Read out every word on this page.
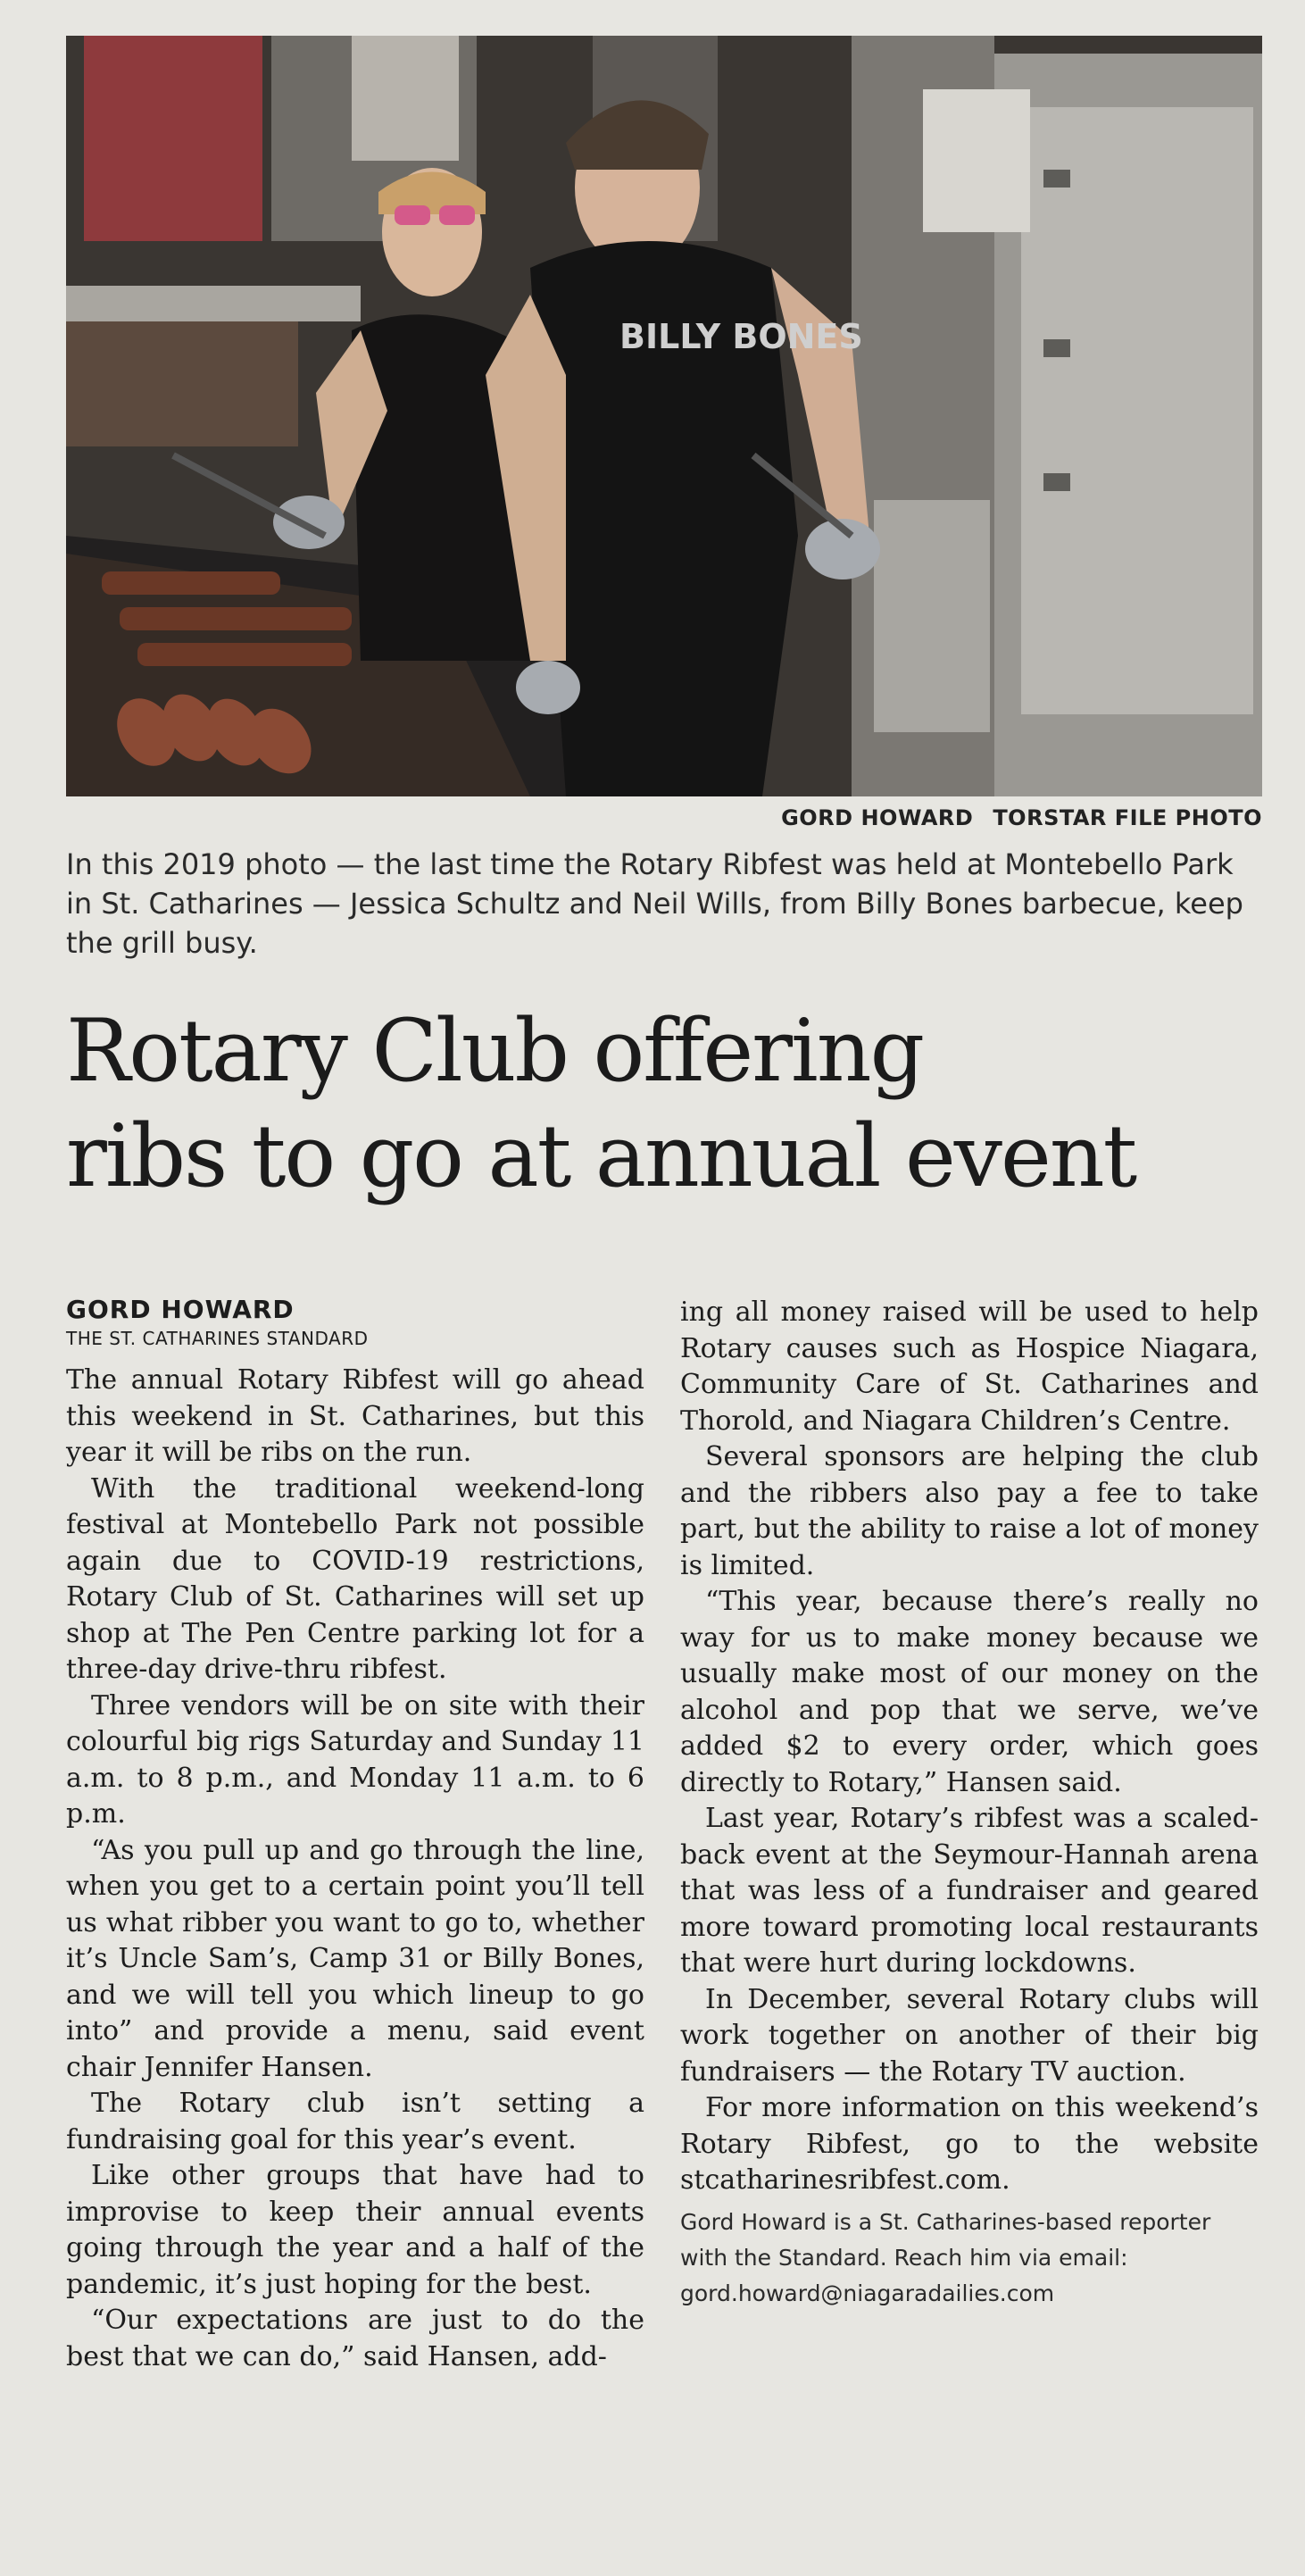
BILLY BONES
GORD HOWARD TORSTAR FILE PHOTO
In this 2019 photo — the last time the Rotary Ribfest was held at Montebello Park in St. Catharines — Jessica Schultz and Neil Wills, from Billy Bones barbecue, keep the grill busy.
Rotary Club offering
ribs to go at annual event
GORD HOWARD
THE ST. CATHARINES STANDARD

The annual Rotary Ribfest will go ahead this weekend in St. Catharines, but this year it will be ribs on the run.

With the traditional weekend-long festival at Montebello Park not possible again due to COVID-19 restrictions, Rotary Club of St. Catharines will set up shop at The Pen Centre parking lot for a three-day drive-thru ribfest.

Three vendors will be on site with their colourful big rigs Saturday and Sunday 11 a.m. to 8 p.m., and Monday 11 a.m. to 6 p.m.

“As you pull up and go through the line, when you get to a certain point you’ll tell us what ribber you want to go to, whether it’s Uncle Sam’s, Camp 31 or Billy Bones, and we will tell you which lineup to go into” and provide a menu, said event chair Jennifer Hansen.

The Rotary club isn’t setting a fundraising goal for this year’s event.

Like other groups that have had to improvise to keep their annual events going through the year and a half of the pandemic, it’s just hoping for the best.

“Our expectations are just to do the best that we can do,” said Hansen, add-

ing all money raised will be used to help Rotary causes such as Hospice Niagara, Community Care of St. Catharines and Thorold, and Niagara Children’s Centre.

Several sponsors are helping the club and the ribbers also pay a fee to take part, but the ability to raise a lot of money is limited.

“This year, because there’s really no way for us to make money because we usually make most of our money on the alcohol and pop that we serve, we’ve added $2 to every order, which goes directly to Rotary,” Hansen said.

Last year, Rotary’s ribfest was a scaled-back event at the Seymour-Hannah arena that was less of a fundraiser and geared more toward promoting local restaurants that were hurt during lockdowns.

In December, several Rotary clubs will work together on another of their big fundraisers — the Rotary TV auction.

For more information on this weekend’s Rotary Ribfest, go to the website stcatharinesribfest.com.

Gord Howard is a St. Catharines-based reporter with the Standard. Reach him via email: gord.howard@niagaradailies.com
